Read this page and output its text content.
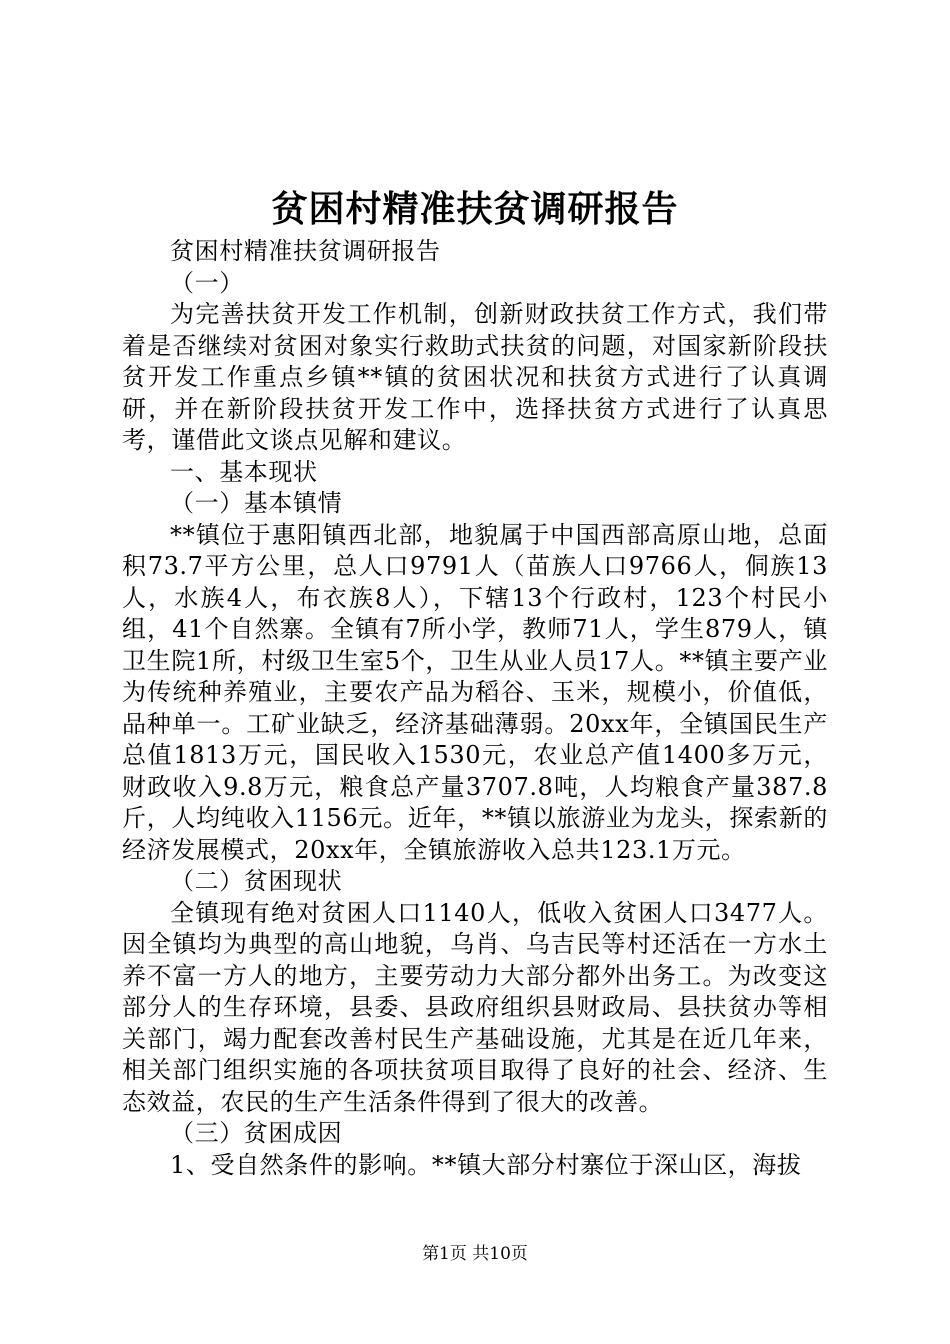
贫困村精准扶贫调研报告

贫困村精准扶贫调研报告

（一）

为完善扶贫开发工作机制，创新财政扶贫工作方式，我们带着是否继续对贫困对象实行救助式扶贫的问题，对国家新阶段扶贫开发工作重点乡镇**镇的贫困状况和扶贫方式进行了认真调研，并在新阶段扶贫开发工作中，选择扶贫方式进行了认真思考，谨借此文谈点见解和建议。

一、基本现状

（一）基本镇情

**镇位于惠阳镇西北部，地貌属于中国西部高原山地，总面积73.7平方公里，总人口9791人（苗族人口9766人，侗族13人，水族4人，布衣族8人），下辖13个行政村，123个村民小组，41个自然寨。全镇有7所小学，教师71人，学生879人，镇卫生院1所，村级卫生室5个，卫生从业人员17人。**镇主要产业为传统种养殖业，主要农产品为稻谷、玉米，规模小，价值低，品种单一。工矿业缺乏，经济基础薄弱。20xx年，全镇国民生产总值1813万元，国民收入1530元，农业总产值1400多万元，财政收入9.8万元，粮食总产量3707.8吨，人均粮食产量387.8斤，人均纯收入1156元。近年，**镇以旅游业为龙头，探索新的经济发展模式，20xx年，全镇旅游收入总共123.1万元。

（二）贫困现状

全镇现有绝对贫困人口1140人，低收入贫困人口3477人。因全镇均为典型的高山地貌，乌肖、乌吉民等村还活在一方水土养不富一方人的地方，主要劳动力大部分都外出务工。为改变这部分人的生存环境，县委、县政府组织县财政局、县扶贫办等相关部门，竭力配套改善村民生产基础设施，尤其是在近几年来，相关部门组织实施的各项扶贫项目取得了良好的社会、经济、生态效益，农民的生产生活条件得到了很大的改善。

（三）贫困成因

1、受自然条件的影响。**镇大部分村寨位于深山区，海拔

第1页 共10页
